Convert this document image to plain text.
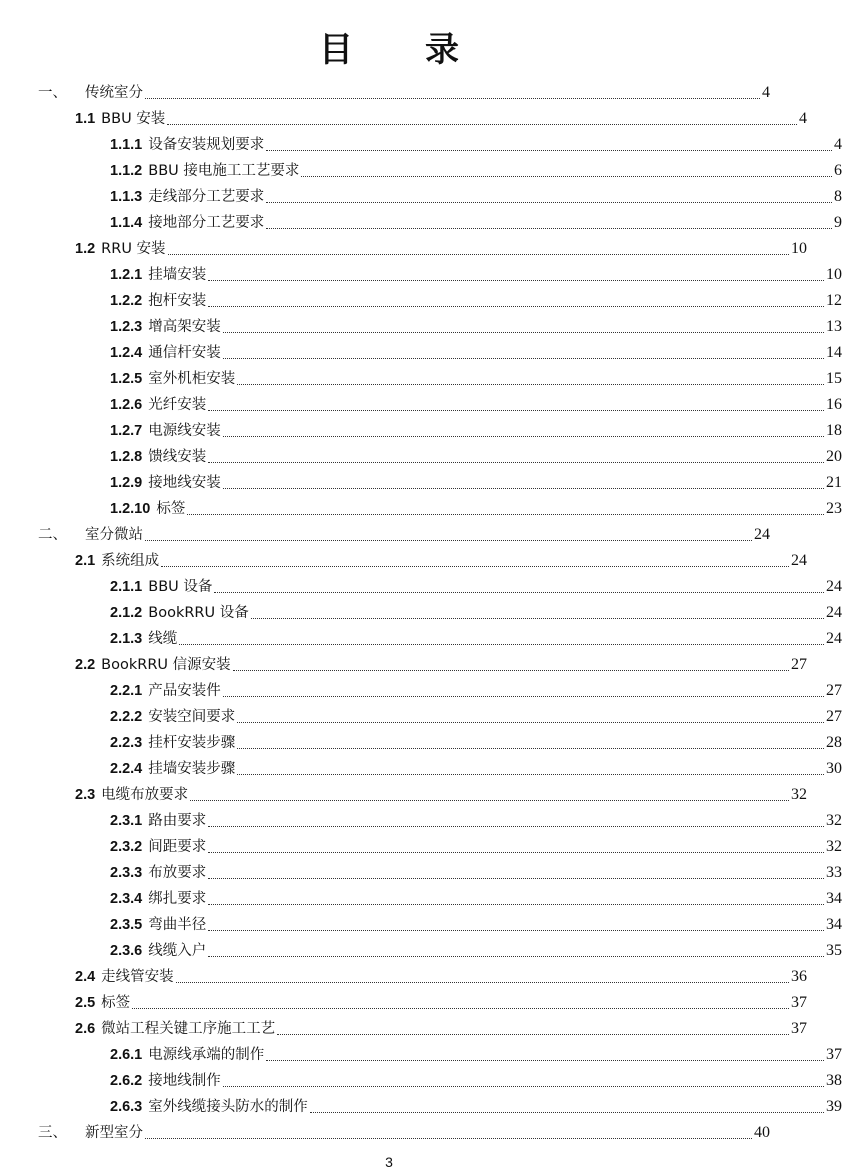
目录
一、 传统室分	4
1.1 BBU 安装	4
1.1.1 设备安装规划要求	4
1.1.2 BBU 接电施工工艺要求	6
1.1.3 走线部分工艺要求	8
1.1.4 接地部分工艺要求	9
1.2 RRU 安装	10
1.2.1 挂墙安装	10
1.2.2 抱杆安装	12
1.2.3 增高架安装	13
1.2.4 通信杆安装	14
1.2.5 室外机柜安装	15
1.2.6 光纤安装	16
1.2.7 电源线安装	18
1.2.8 馈线安装	20
1.2.9 接地线安装	21
1.2.10 标签	23
二、 室分微站	24
2.1 系统组成	24
2.1.1 BBU 设备	24
2.1.2 BookRRU 设备	24
2.1.3 线缆	24
2.2 BookRRU 信源安装	27
2.2.1 产品安装件	27
2.2.2 安装空间要求	27
2.2.3 挂杆安装步骤	28
2.2.4 挂墙安装步骤	30
2.3 电缆布放要求	32
2.3.1 路由要求	32
2.3.2 间距要求	32
2.3.3 布放要求	33
2.3.4 绑扎要求	34
2.3.5 弯曲半径	34
2.3.6 线缆入户	35
2.4 走线管安装	36
2.5 标签	37
2.6 微站工程关键工序施工工艺	37
2.6.1 电源线承端的制作	37
2.6.2 接地线制作	38
2.6.3 室外线缆接头防水的制作	39
三、 新型室分	40
3
